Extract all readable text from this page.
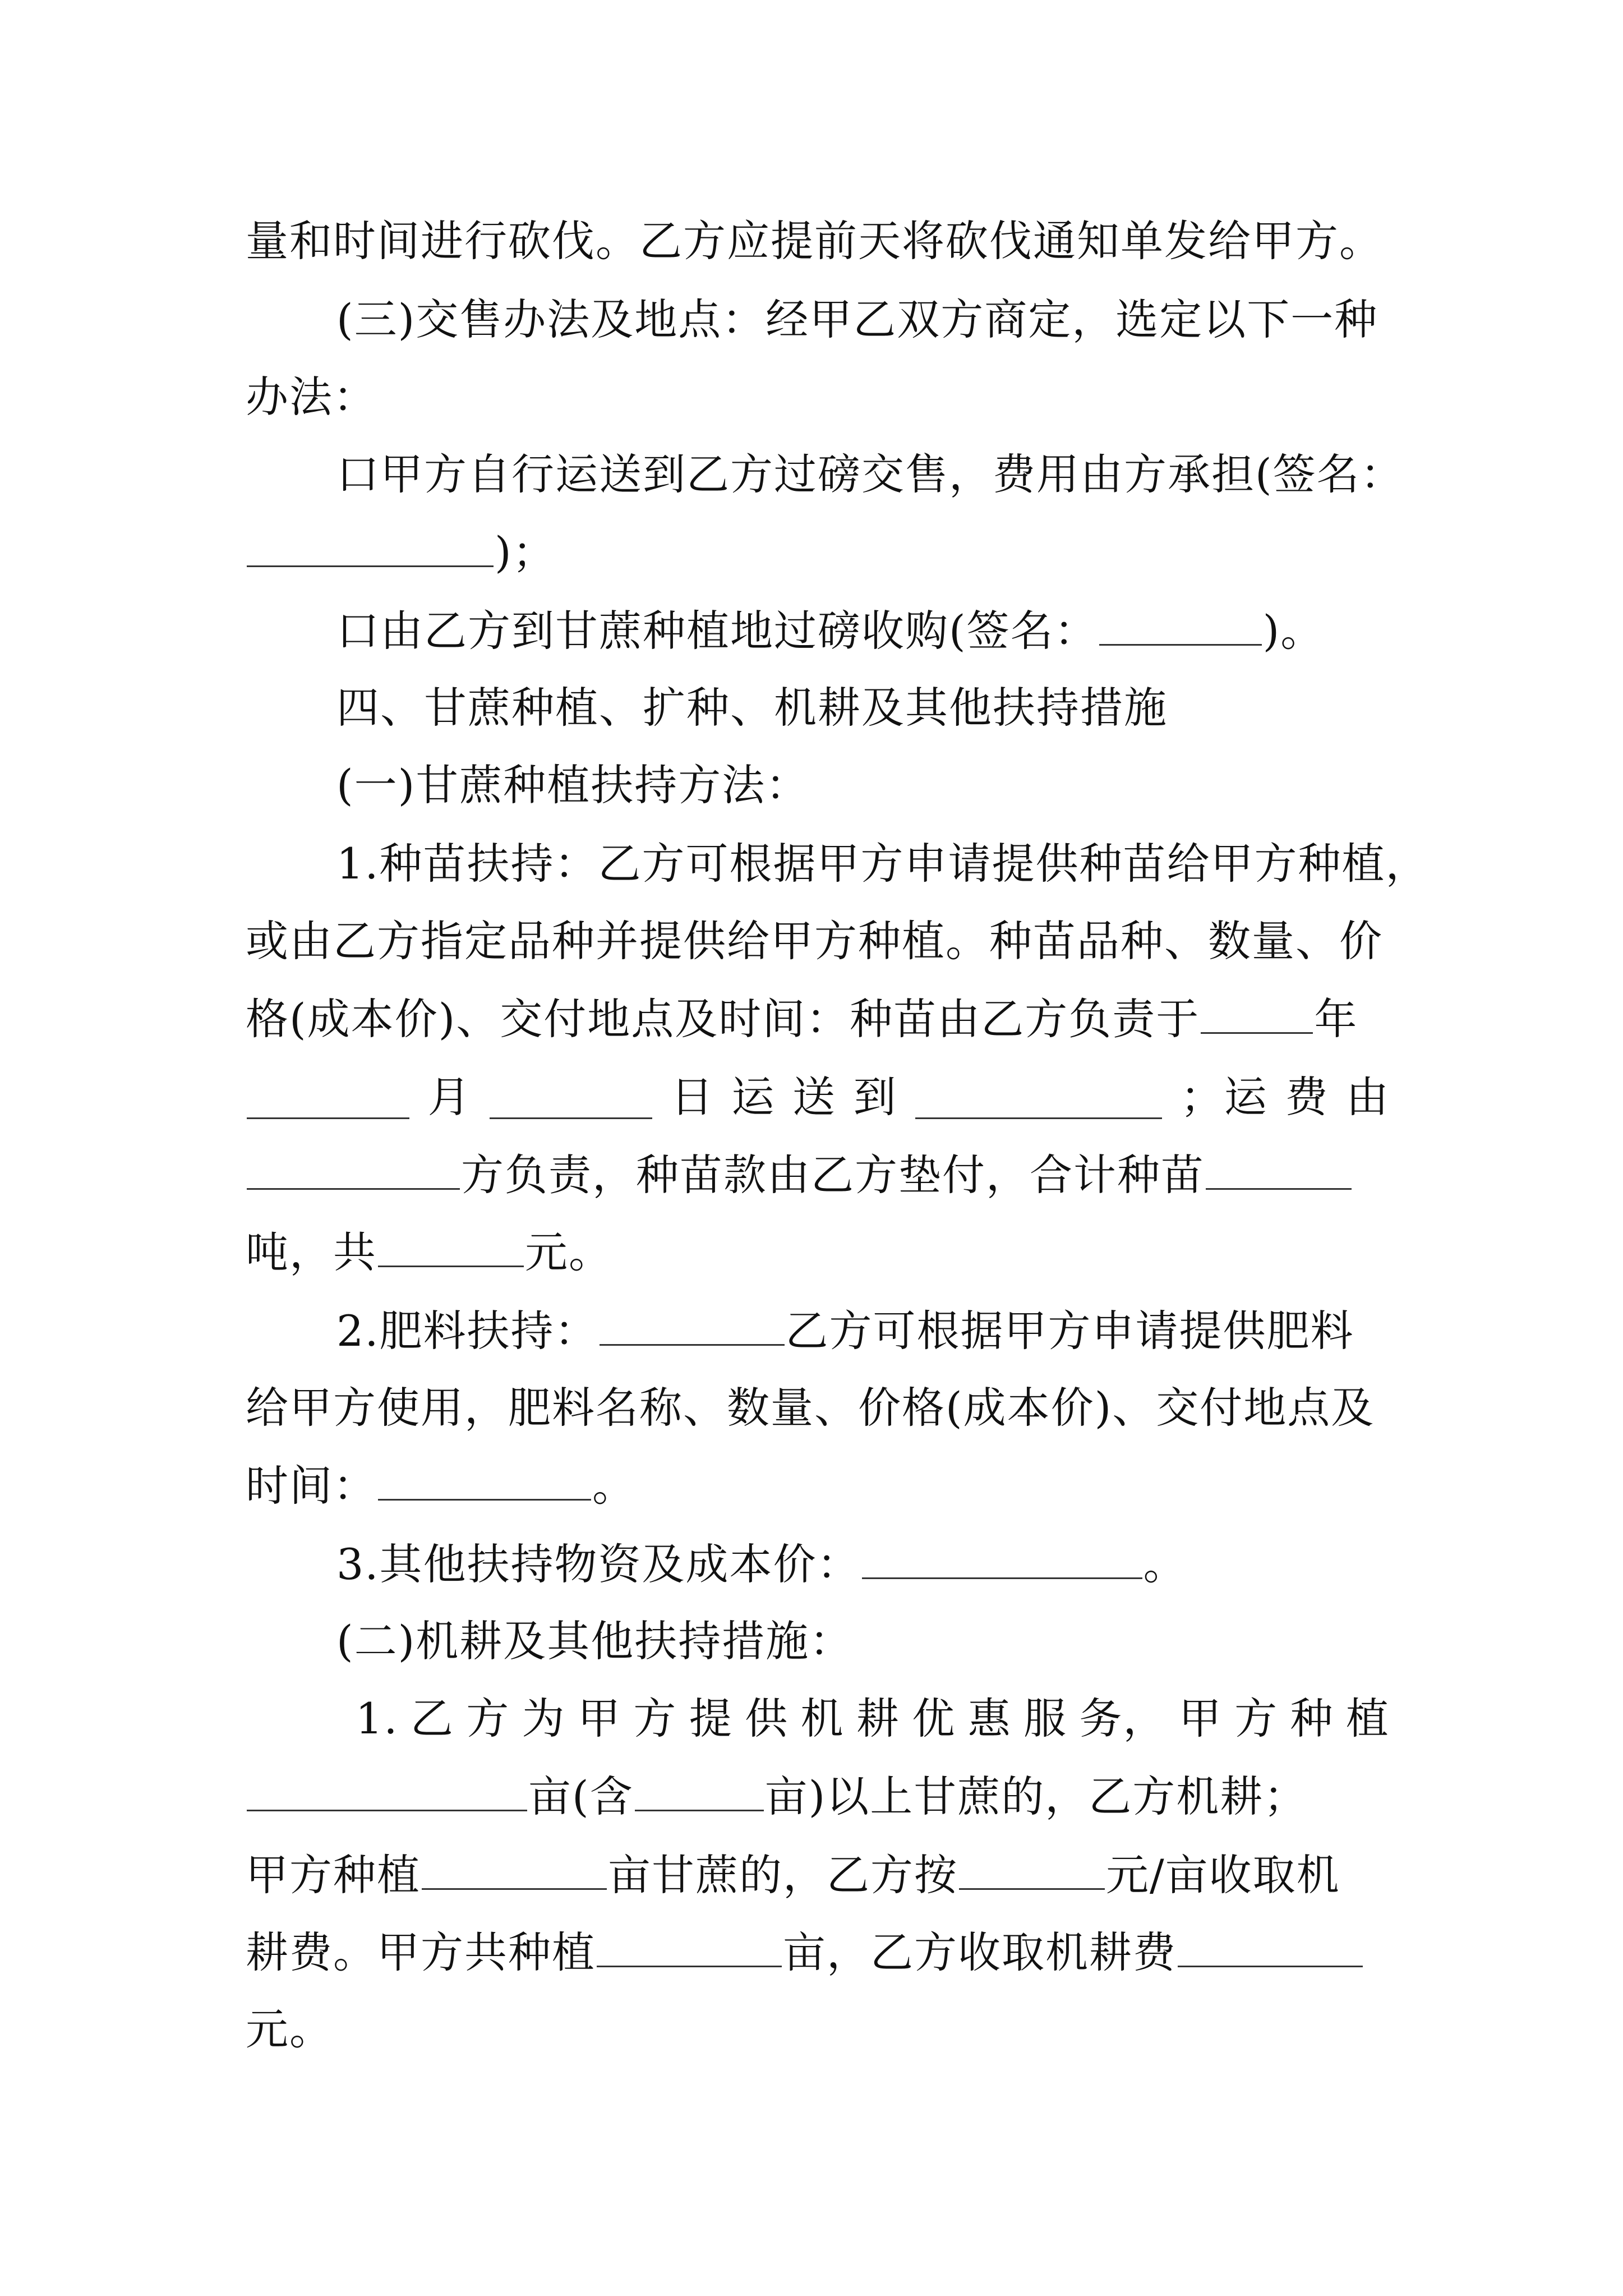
量和时间进行砍伐。乙方应提前天将砍伐通知单发给甲方。
(三)交售办法及地点：经甲乙双方商定，选定以下一种
办法：
口甲方自行运送到乙方过磅交售，费用由方承担(签名：
)；
口由乙方到甘蔗种植地过磅收购(签名：	)。
四、甘蔗种植、扩种、机耕及其他扶持措施
(一)甘蔗种植扶持方法：
1.种苗扶持：乙方可根据甲方申请提供种苗给甲方种植，
或由乙方指定品种并提供给甲方种植。种苗品种、数量、价
格(成本价)、交付地点及时间：种苗由乙方负责于	年
月	日 运 送 到	；运 费 由
方负责，种苗款由乙方垫付，合计种苗
吨，共	元。
2.肥料扶持：	乙方可根据甲方申请提供肥料
给甲方使用，肥料名称、数量、价格(成本价)、交付地点及
时间：	。
3.其他扶持物资及成本价：	。
(二)机耕及其他扶持措施：
1. 乙 方 为 甲 方 提 供 机 耕 优 惠 服 务， 甲 方 种 植
亩(含	亩)以上甘蔗的，乙方机耕；
甲方种植	亩甘蔗的，乙方按	元/亩收取机
耕费。甲方共种植	亩，乙方收取机耕费
元。
